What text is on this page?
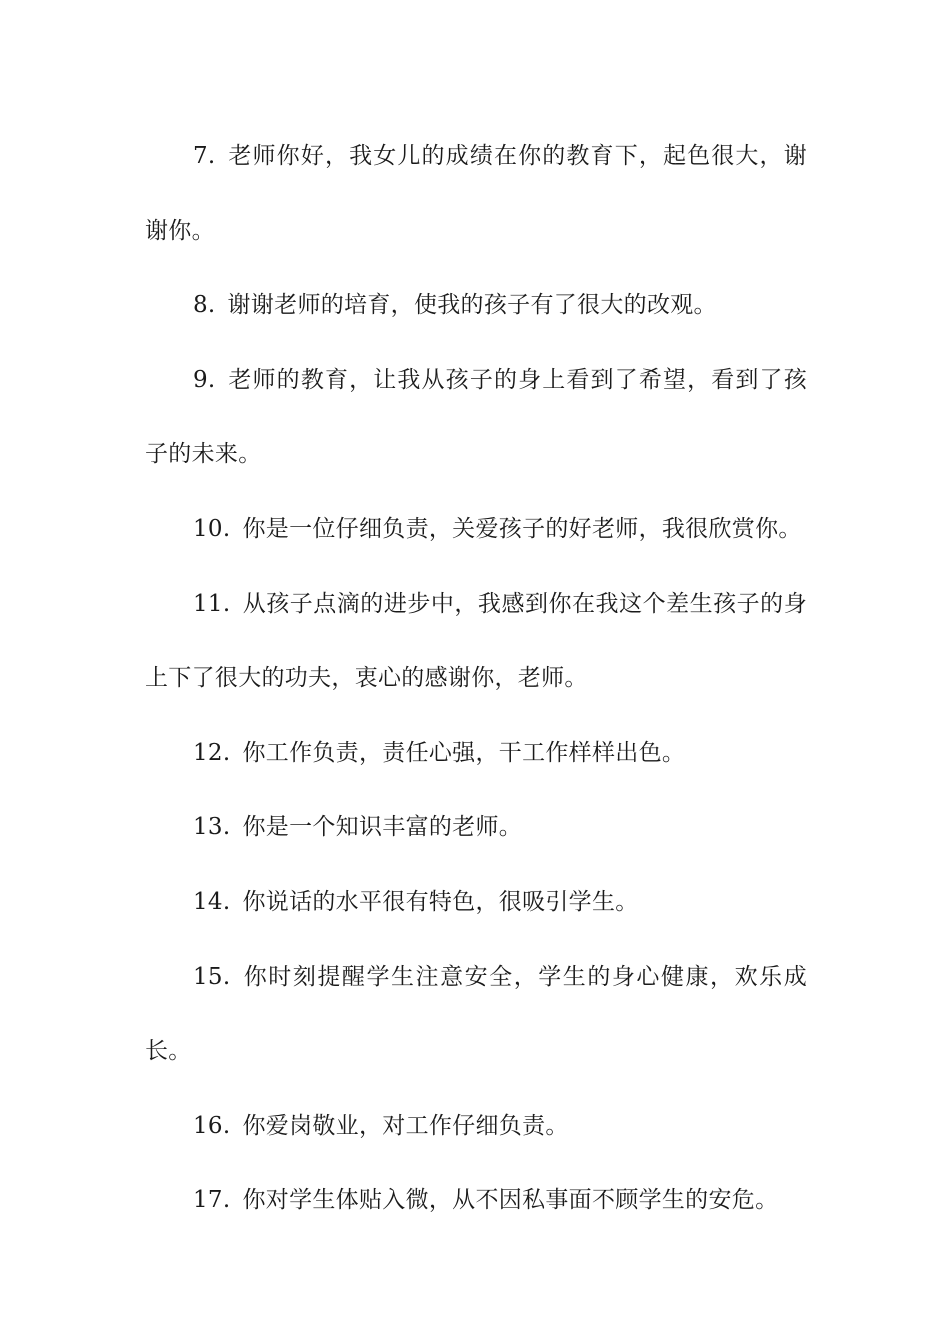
7. 老师你好，我女儿的成绩在你的教育下，起色很大，谢谢你。

8. 谢谢老师的培育，使我的孩子有了很大的改观。

9. 老师的教育，让我从孩子的身上看到了希望，看到了孩子的未来。

10. 你是一位仔细负责，关爱孩子的好老师，我很欣赏你。

11. 从孩子点滴的进步中，我感到你在我这个差生孩子的身上下了很大的功夫，衷心的感谢你，老师。

12. 你工作负责，责任心强，干工作样样出色。

13. 你是一个知识丰富的老师。

14. 你说话的水平很有特色，很吸引学生。

15. 你时刻提醒学生注意安全，学生的身心健康，欢乐成长。

16. 你爱岗敬业，对工作仔细负责。

17. 你对学生体贴入微，从不因私事面不顾学生的安危。
